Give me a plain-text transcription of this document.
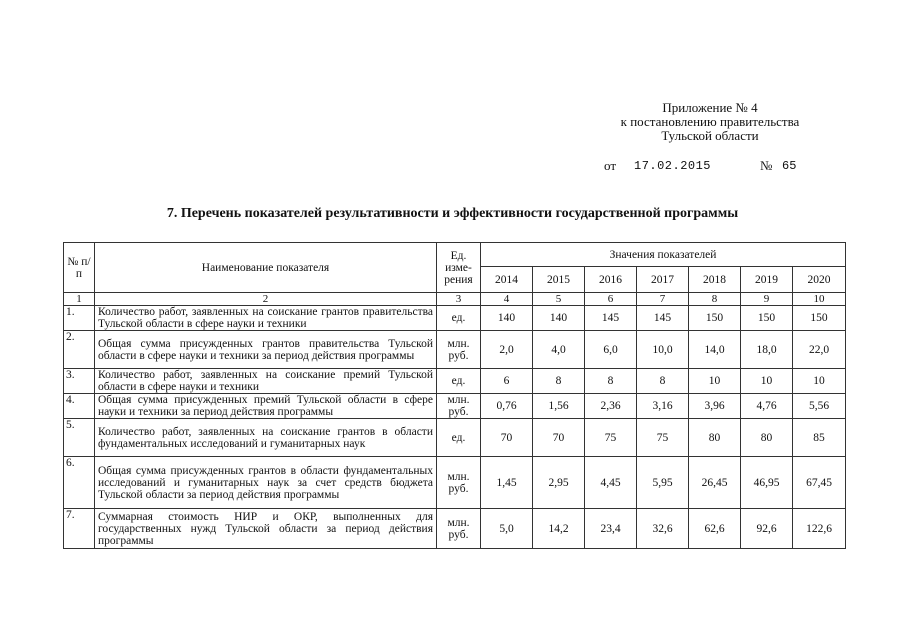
Приложение № 4
к постановлению правительства
Тульской области
от 17.02.2015	№ 65
7. Перечень показателей результативности и эффективности государственной программы
№ п/п	Наименование показателя	Ед. изме-рения	Значения показателей						
			2014	2015	2016	2017	2018	2019	2020
1	2	3	4	5	6	7	8	9	10
1.	Количество работ, заявленных на соискание грантов правительства Тульской области в сфере науки и техники	ед.	140	140	145	145	150	150	150
2.	Общая сумма присужденных грантов правительства Тульской области в сфере науки и техники за период действия программы	млн. руб.	2,0	4,0	6,0	10,0	14,0	18,0	22,0
3.	Количество работ, заявленных на соискание премий Тульской области в сфере науки и техники	ед.	6	8	8	8	10	10	10
4.	Общая сумма присужденных премий Тульской области в сфере науки и техники за период действия программы	млн. руб.	0,76	1,56	2,36	3,16	3,96	4,76	5,56
5.	Количество работ, заявленных на соискание грантов в области фундаментальных исследований и гуманитарных наук	ед.	70	70	75	75	80	80	85
6.	Общая сумма присужденных грантов в области фундаментальных исследований и гуманитарных наук за счет средств бюджета Тульской области за период действия программы	млн. руб.	1,45	2,95	4,45	5,95	26,45	46,95	67,45
7.	Суммарная стоимость НИР и ОКР, выполненных для государственных нужд Тульской области за период действия программы	млн. руб.	5,0	14,2	23,4	32,6	62,6	92,6	122,6
